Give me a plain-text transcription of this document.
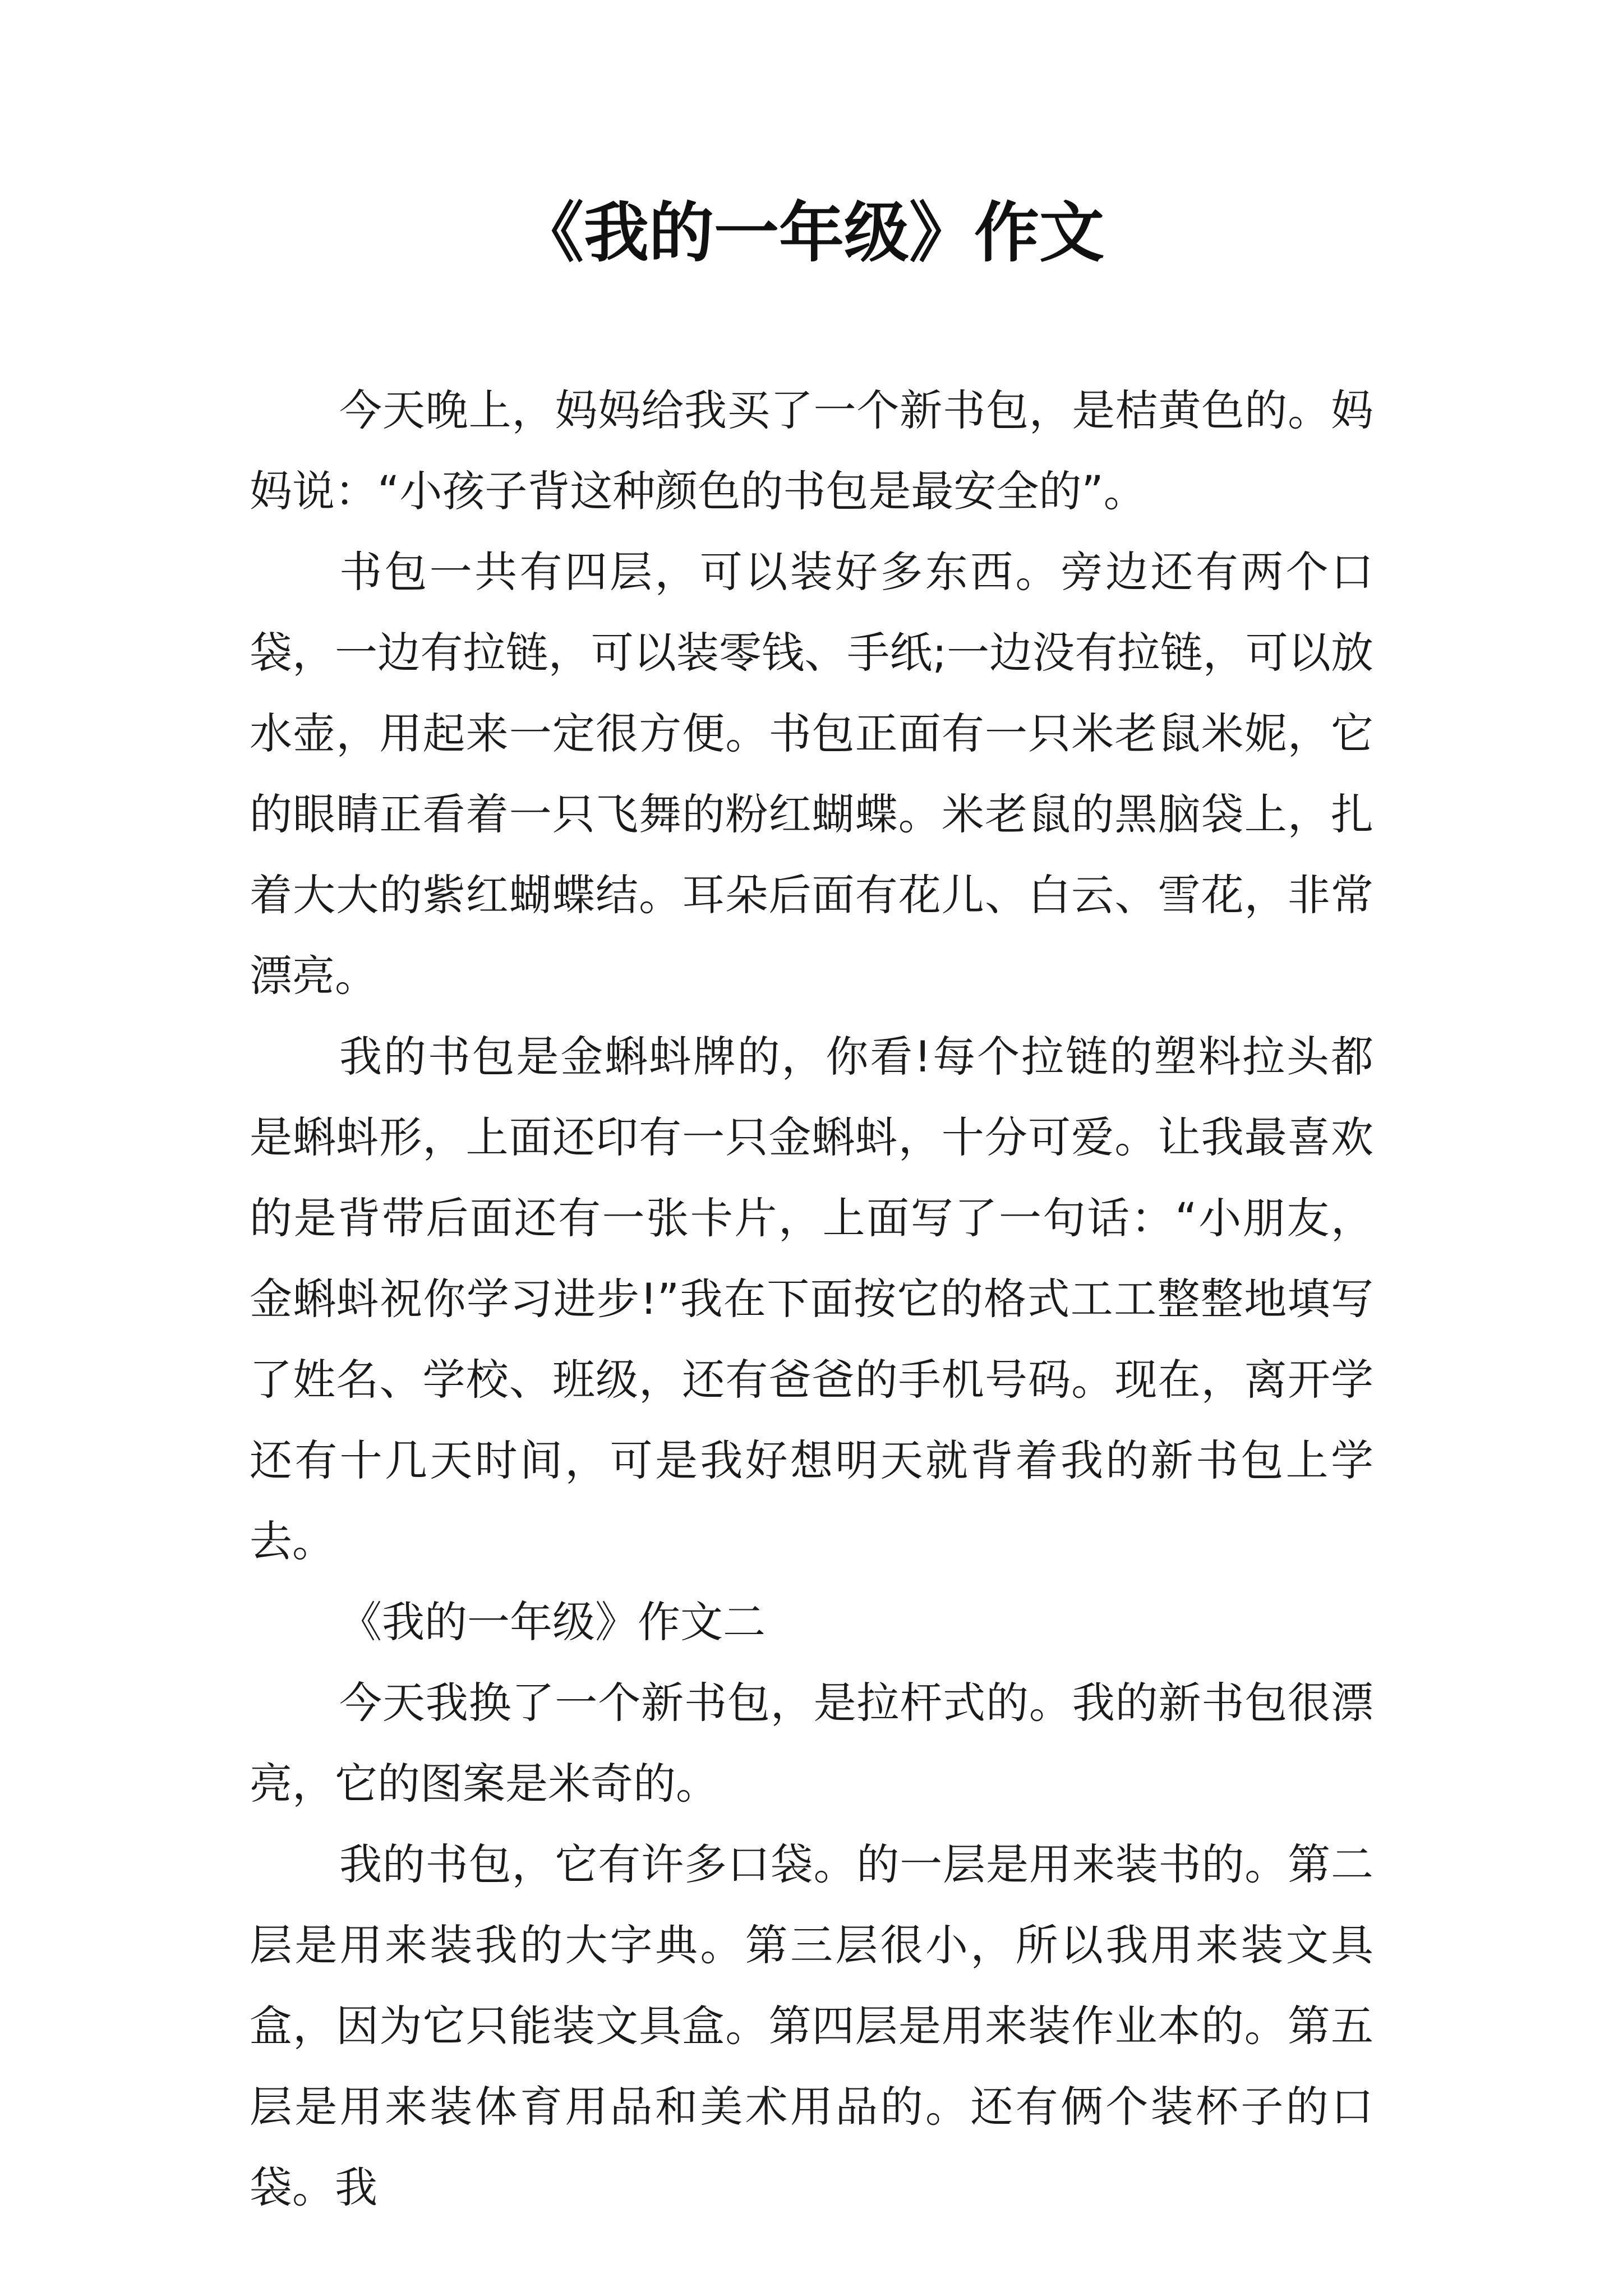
《我的一年级》作文

今天晚上，妈妈给我买了一个新书包，是桔黄色的。妈妈说：“小孩子背这种颜色的书包是最安全的”。

书包一共有四层，可以装好多东西。旁边还有两个口袋，一边有拉链，可以装零钱、手纸;一边没有拉链，可以放水壶，用起来一定很方便。书包正面有一只米老鼠米妮，它的眼睛正看着一只飞舞的粉红蝴蝶。米老鼠的黑脑袋上，扎着大大的紫红蝴蝶结。耳朵后面有花儿、白云、雪花，非常漂亮。

我的书包是金蝌蚪牌的，你看!每个拉链的塑料拉头都是蝌蚪形，上面还印有一只金蝌蚪，十分可爱。让我最喜欢的是背带后面还有一张卡片，上面写了一句话：“小朋友，金蝌蚪祝你学习进步!”我在下面按它的格式工工整整地填写了姓名、学校、班级，还有爸爸的手机号码。现在，离开学还有十几天时间，可是我好想明天就背着我的新书包上学去。

《我的一年级》作文二

今天我换了一个新书包，是拉杆式的。我的新书包很漂亮，它的图案是米奇的。

我的书包，它有许多口袋。的一层是用来装书的。第二层是用来装我的大字典。第三层很小，所以我用来装文具盒，因为它只能装文具盒。第四层是用来装作业本的。第五层是用来装体育用品和美术用品的。还有俩个装杯子的口袋。我
